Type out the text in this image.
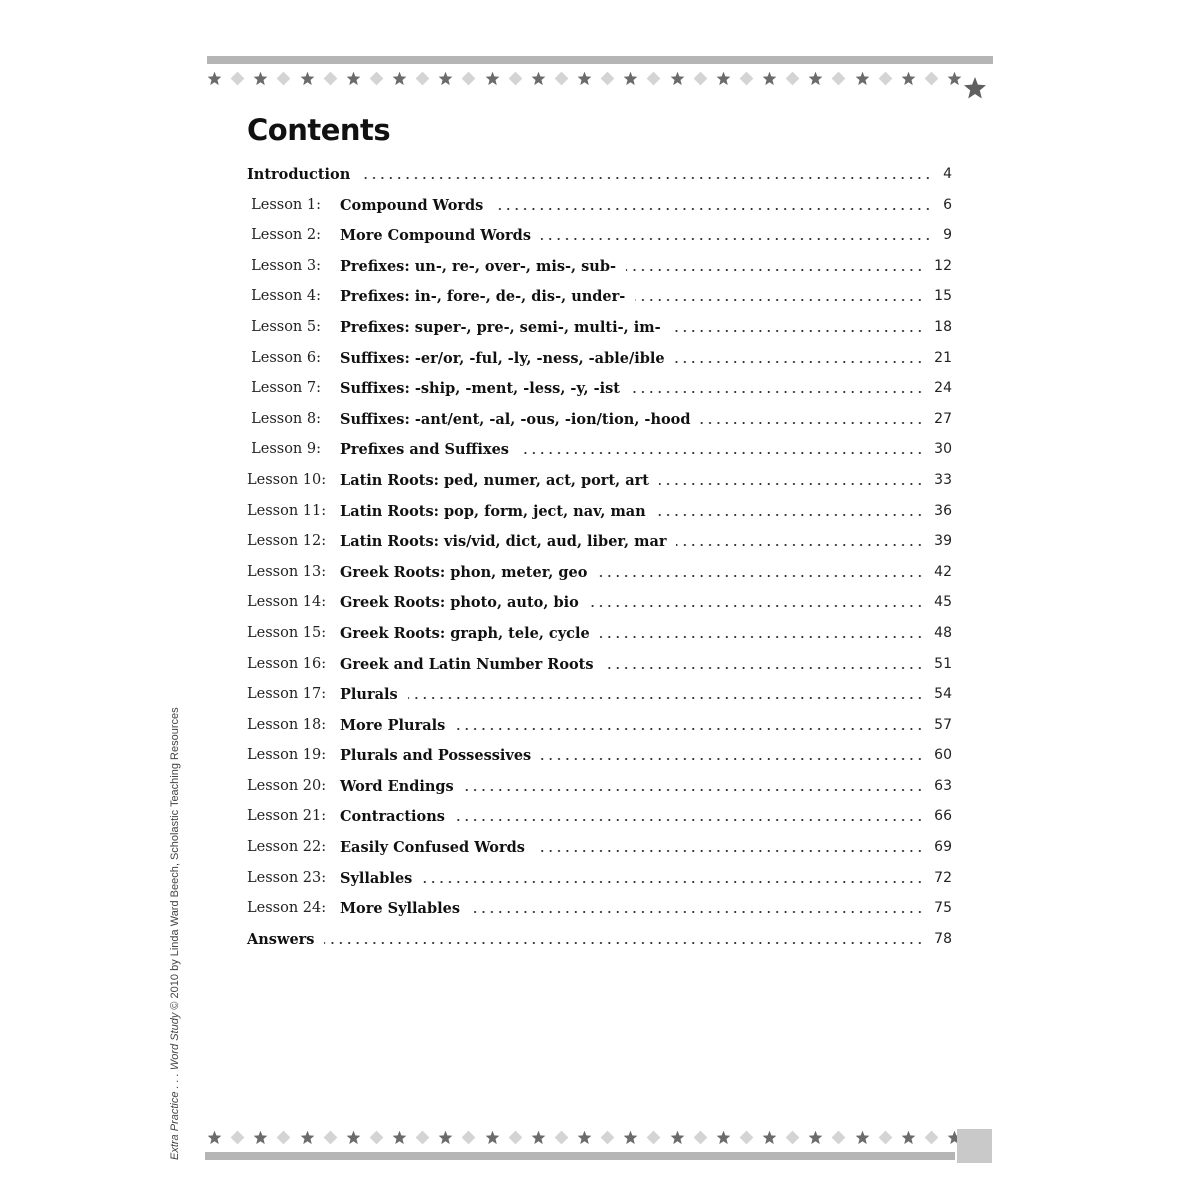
Contents
Introduction	4
Lesson 1: Compound Words	6
Lesson 2: More Compound Words	9
Lesson 3: Prefixes: un-, re-, over-, mis-, sub-	12
Lesson 4: Prefixes: in-, fore-, de-, dis-, under-	15
Lesson 5: Prefixes: super-, pre-, semi-, multi-, im-	18
Lesson 6: Suffixes: -er/or, -ful, -ly, -ness, -able/ible	21
Lesson 7: Suffixes: -ship, -ment, -less, -y, -ist	24
Lesson 8: Suffixes: -ant/ent, -al, -ous, -ion/tion, -hood	27
Lesson 9: Prefixes and Suffixes	30
Lesson 10: Latin Roots: ped, numer, act, port, art	33
Lesson 11: Latin Roots: pop, form, ject, nav, man	36
Lesson 12: Latin Roots: vis/vid, dict, aud, liber, mar	39
Lesson 13: Greek Roots: phon, meter, geo	42
Lesson 14: Greek Roots: photo, auto, bio	45
Lesson 15: Greek Roots: graph, tele, cycle	48
Lesson 16: Greek and Latin Number Roots	51
Lesson 17: Plurals	54
Lesson 18: More Plurals	57
Lesson 19: Plurals and Possessives	60
Lesson 20: Word Endings	63
Lesson 21: Contractions	66
Lesson 22: Easily Confused Words	69
Lesson 23: Syllables	72
Lesson 24: More Syllables	75
Answers	78
Extra Practice . . . Word Study © 2010 by Linda Ward Beech, Scholastic Teaching Resources
